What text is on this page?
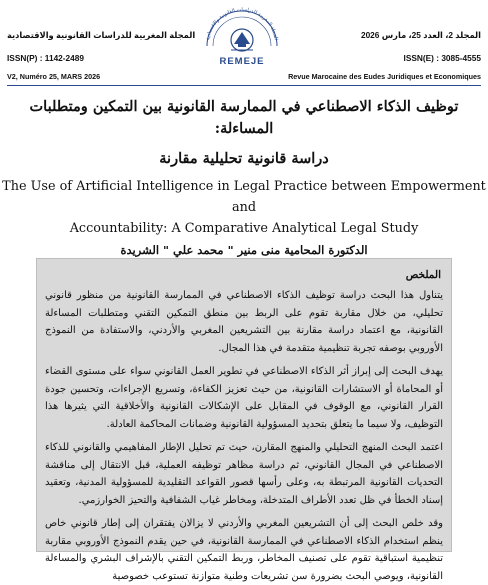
المجلة المغربية للدراسات القانونية والاقتصادية
ISSN(P) : 1142-2489
V2, Numéro 25, MARS 2026
المجلة المغربية للدراسات القانونية والاقتصادية
REMEJE
المجلد 2، العدد 25، مارس 2026
ISSN(E) : 3085-4555
Revue Marocaine des Eudes Juridiques et Economiques

توظيف الذكاء الاصطناعي في الممارسة القانونية بين التمكين ومتطلبات المساءلة:

دراسة قانونية تحليلية مقارنة

The Use of Artificial Intelligence in Legal Practice between Empowerment and

Accountability: A Comparative Analytical Legal Study

الدكتورة المحامية منى منير " محمد علي " الشريدة

الملخص

يتناول هذا البحث دراسة توظيف الذكاء الاصطناعي في الممارسة القانونية من منظور قانوني تحليلي، من خلال مقاربة تقوم على الربط بين منطق التمكين التقني ومتطلبات المساءلة القانونية، مع اعتماد دراسة مقارنة بين التشريعين المغربي والأردني، والاستفادة من النموذج الأوروبي بوصفه تجربة تنظيمية متقدمة في هذا المجال.

يهدف البحث إلى إبراز أثر الذكاء الاصطناعي في تطوير العمل القانوني سواء على مستوى القضاء أو المحاماة أو الاستشارات القانونية، من حيث تعزيز الكفاءة، وتسريع الإجراءات، وتحسين جودة القرار القانوني، مع الوقوف في المقابل على الإشكالات القانونية والأخلاقية التي يثيرها هذا التوظيف، ولا سيما ما يتعلق بتحديد المسؤولية القانونية وضمانات المحاكمة العادلة.

اعتمد البحث المنهج التحليلي والمنهج المقارن، حيث تم تحليل الإطار المفاهيمي والقانوني للذكاء الاصطناعي في المجال القانوني، ثم دراسة مظاهر توظيفه العملية، قبل الانتقال إلى مناقشة التحديات القانونية المرتبطة به، وعلى رأسها قصور القواعد التقليدية للمسؤولية المدنية، وتعقيد إسناد الخطأ في ظل تعدد الأطراف المتدخلة، ومخاطر غياب الشفافية والتحيز الخوارزمي.

وقد خلص البحث إلى أن التشريعين المغربي والأردني لا يزالان يفتقران إلى إطار قانوني خاص ينظم استخدام الذكاء الاصطناعي في الممارسة القانونية، في حين يقدم النموذج الأوروبي مقاربة تنظيمية استباقية تقوم على تصنيف المخاطر، وربط التمكين التقني بالإشراف البشري والمساءلة القانونية، ويوصي البحث بضرورة سن تشريعات وطنية متوازنة تستوعب خصوصية
